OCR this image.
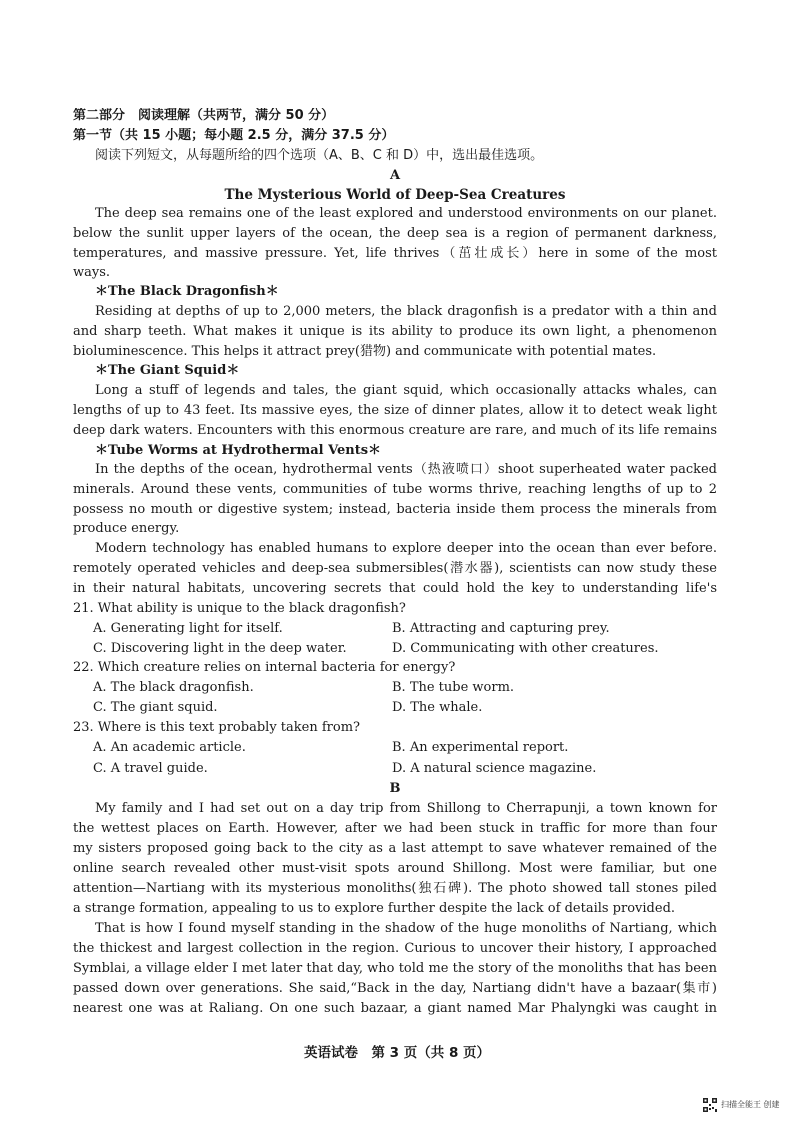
第二部分　阅读理解（共两节，满分 50 分）
第一节（共 15 小题；每小题 2.5 分，满分 37.5 分）
阅读下列短文，从每题所给的四个选项（A、B、C 和 D）中，选出最佳选项。
A
The Mysterious World of Deep-Sea Creatures
The deep sea remains one of the least explored and understood environments on our planet.
below the sunlit upper layers of the ocean, the deep sea is a region of permanent darkness,
temperatures, and massive pressure. Yet, life thrives（茁壮成长）here in some of the most
ways.
＊The Black Dragonfish＊
Residing at depths of up to 2,000 meters, the black dragonfish is a predator with a thin and
and sharp teeth. What makes it unique is its ability to produce its own light, a phenomenon
bioluminescence. This helps it attract prey(猎物) and communicate with potential mates.
＊The Giant Squid＊
Long a stuff of legends and tales, the giant squid, which occasionally attacks whales, can
lengths of up to 43 feet. Its massive eyes, the size of dinner plates, allow it to detect weak light
deep dark waters. Encounters with this enormous creature are rare, and much of its life remains
＊Tube Worms at Hydrothermal Vents＊
In the depths of the ocean, hydrothermal vents（热液喷口）shoot superheated water packed
minerals. Around these vents, communities of tube worms thrive, reaching lengths of up to 2
possess no mouth or digestive system; instead, bacteria inside them process the minerals from
produce energy.
Modern technology has enabled humans to explore deeper into the ocean than ever before.
remotely operated vehicles and deep-sea submersibles(潜水器), scientists can now study these
in their natural habitats, uncovering secrets that could hold the key to understanding life's
21. What ability is unique to the black dragonfish?
A. Generating light for itself.	B. Attracting and capturing prey.
C. Discovering light in the deep water.	D. Communicating with other creatures.
22. Which creature relies on internal bacteria for energy?
A. The black dragonfish.	B. The tube worm.
C. The giant squid.	D. The whale.
23. Where is this text probably taken from?
A. An academic article.	B. An experimental report.
C. A travel guide.	D. A natural science magazine.
B
My family and I had set out on a day trip from Shillong to Cherrapunji, a town known for
the wettest places on Earth. However, after we had been stuck in traffic for more than four
my sisters proposed going back to the city as a last attempt to save whatever remained of the
online search revealed other must-visit spots around Shillong. Most were familiar, but one
attention—Nartiang with its mysterious monoliths(独石碑). The photo showed tall stones piled
a strange formation, appealing to us to explore further despite the lack of details provided.
That is how I found myself standing in the shadow of the huge monoliths of Nartiang, which
the thickest and largest collection in the region. Curious to uncover their history, I approached
Symblai, a village elder I met later that day, who told me the story of the monoliths that has been
passed down over generations. She said,“Back in the day, Nartiang didn't have a bazaar(集市)
nearest one was at Raliang. On one such bazaar, a giant named Mar Phalyngki was caught in
英语试卷　第 3 页（共 8 页）
扫描全能王 创建
